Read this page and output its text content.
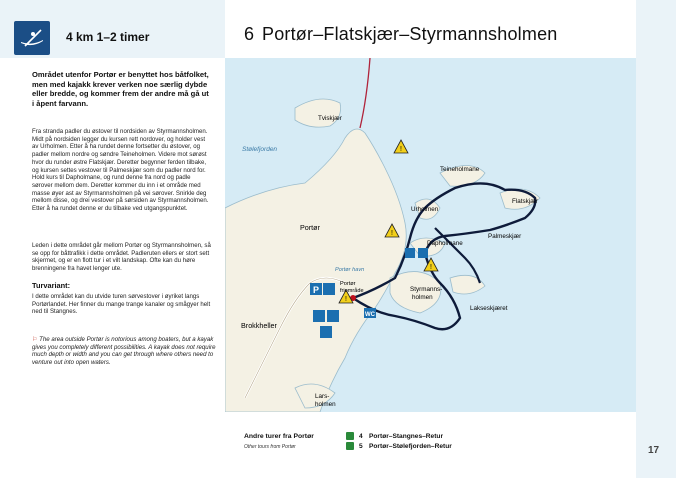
4 km 1–2 timer	6 Portør–Flatskjær–Styrmannsholmen
Området utenfor Portør er benyttet hos båtfolket, men med kajakk krever verken noe særlig dybde eller bredde, og kommer frem der andre må gå ut i åpent farvann.
Fra stranda padler du østover til nordsiden av Styrmannsholmen. Midt på nordsiden legger du kursen rett nordover, og holder vest av Urholmen. Etter å ha rundet denne fortsetter du østover, og padler mellom nordre og søndre Teineholmen. Videre mot sørøst hvor du runder østre Flatskjær. Deretter begynner ferden tilbake, og kursen settes vestover til Palmeskjær som du padler nord for. Hold kurs til Dapholmane, og rund denne fra nord og padle sørover mellom dem. Deretter kommer du inn i et område med masse øyer ast av Styrmannsholmen på vei sørover. Snirkle deg mellom disse, og drei vestover på sørsiden av Styrmannsholmen. Etter å ha rundet denne er du tilbake ved utgangspunktet.
Leden i dette området går mellom Portør og Styrmannsholmen, så se opp for båttrafikk i dette området. Padleruten ellers er stort sett skjermet, og er en flott tur i et vilt landskap. Ofte kan du høre brenningene fra havet lenger ute.
Turvariant:
I dette området kan du utvide turen sørvestover i øyriket langs Portørlandet. Her finner du mange trange kanaler og smågyer helt ned til Stangnes.
⚐ The area outside Portør is notorious among boaters, but a kayak gives you completely different possibilities. A kayak does not require much depth or width and you can get through where others need to venture out into open waters.
!
!
!
!
P
WC
Tviskjær
Stølefjorden
Teineholmane
Urholmen
Flatskjær
Palmeskjær
Portør
Portør havn
Dapholmane
Portør
friområde	Styrmanns-
holmen
Lakseskjæret
Brokkheller
Lars-
holmen
17
Andre turer fra Portør
Other tours from Portør
4 Portør–Stangnes–Retur
5 Portør–Stølefjorden–Retur
